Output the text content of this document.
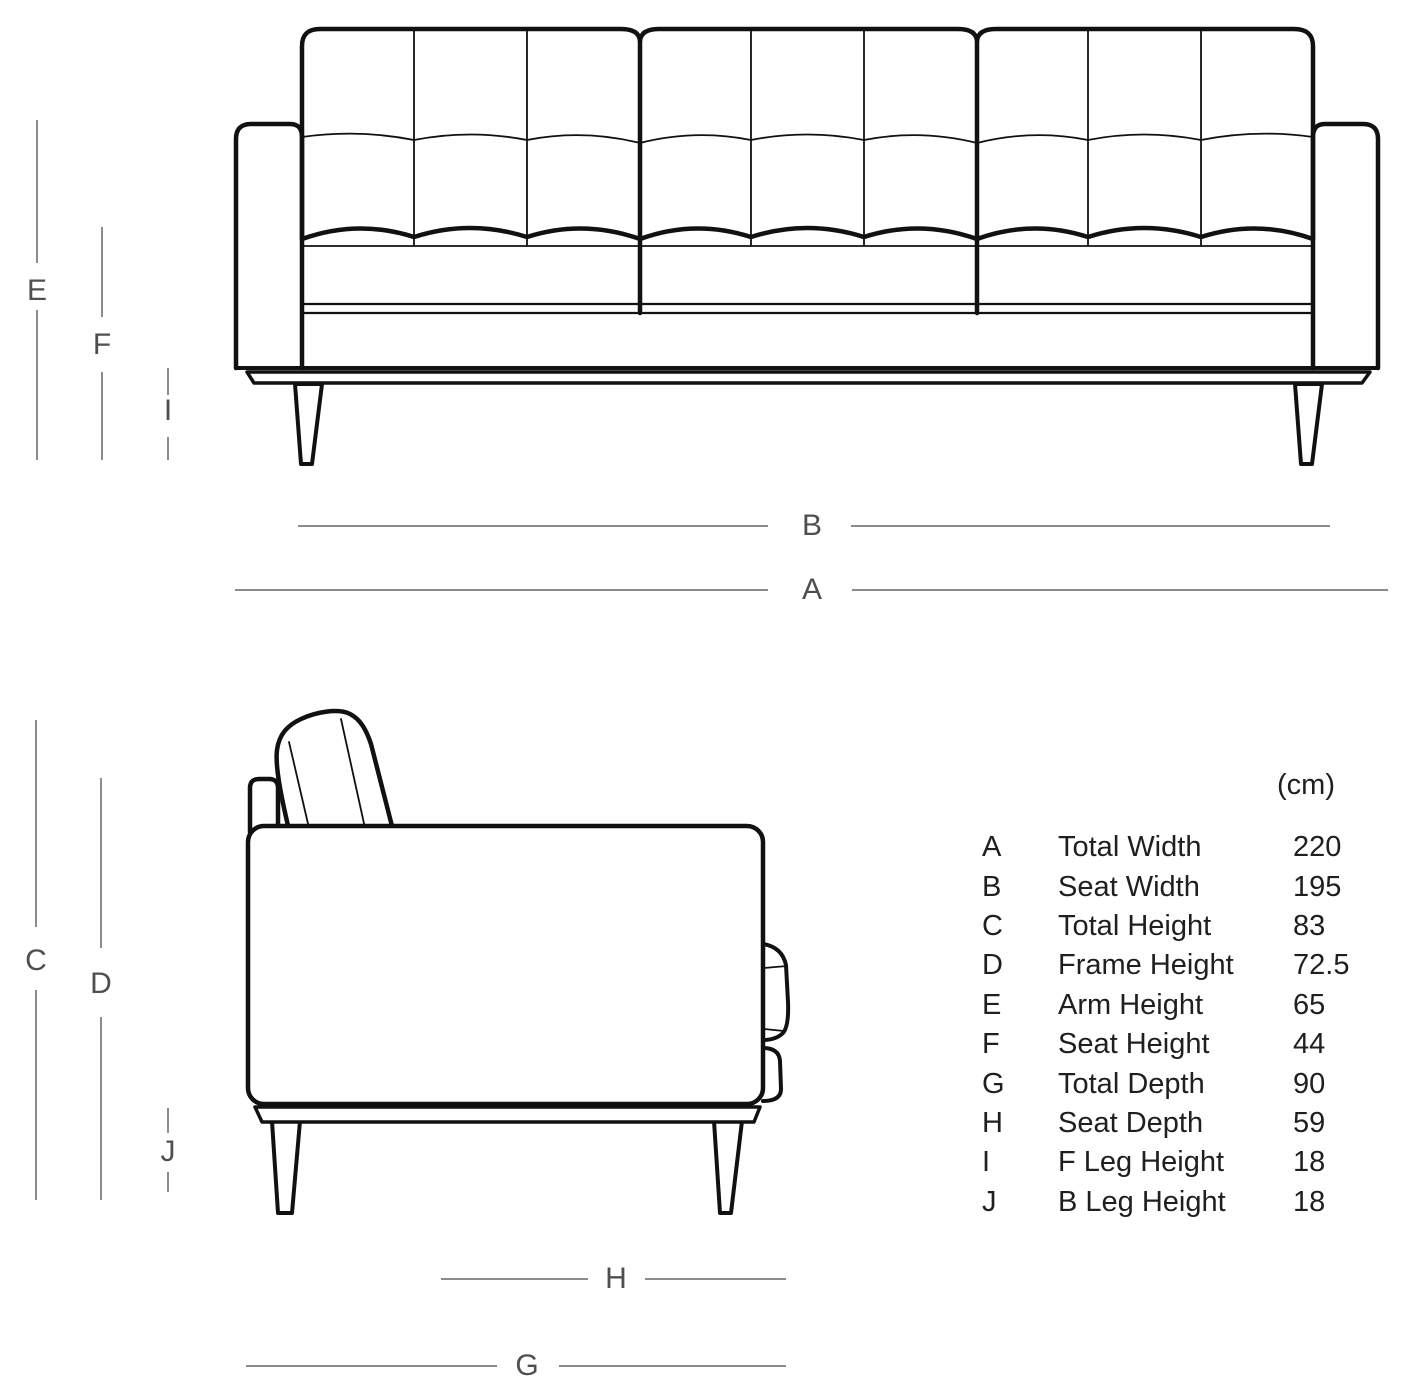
E
F
I
B
A
C
D
J
H
G
(cm)
A	Total Width	220
B	Seat Width	195
C	Total Height	83
D	Frame Height	72.5
E	Arm Height	65
F	Seat Height	44
G	Total Depth	90
H	Seat Depth	59
I	F Leg Height	18
J	B Leg Height	18
